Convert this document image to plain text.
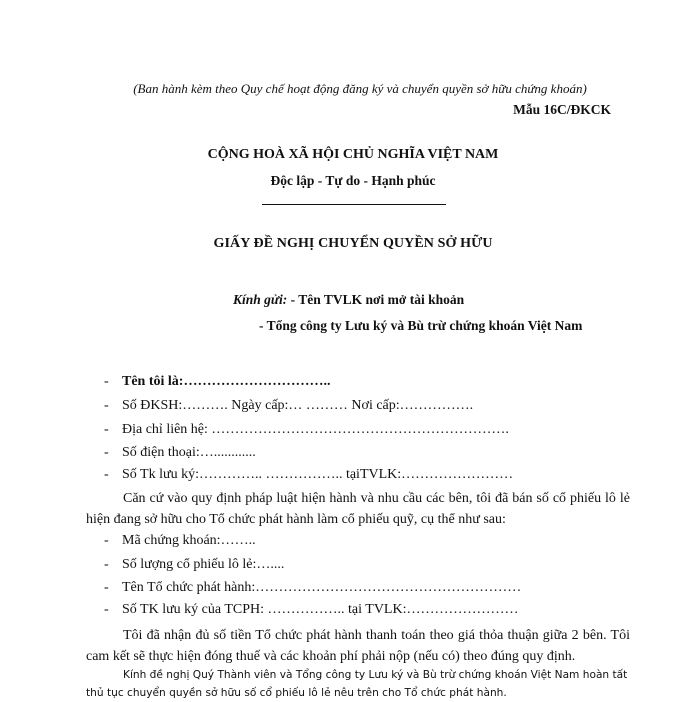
(Ban hành kèm theo Quy chế hoạt động đăng ký và chuyển quyền sở hữu chứng khoán)
Mẫu 16C/ĐKCK
CỘNG HOÀ XÃ HỘI CHỦ NGHĨA VIỆT NAM
Độc lập - Tự do - Hạnh phúc
GIẤY ĐỀ NGHỊ CHUYỂN QUYỀN SỞ HỮU
Kính gửi: - Tên TVLK nơi mở tài khoản
- Tổng công ty Lưu ký và Bù trừ chứng khoán Việt Nam
- Tên tôi là:…………………………..
- Số ĐKSH:………. Ngày cấp:… ……… Nơi cấp:…………….
- Địa chỉ liên hệ: ……………………………………………………….
- Số điện thoại:…............
- Số Tk lưu ký:………….. …………….. tạiTVLK:……………………
Căn cứ vào quy định pháp luật hiện hành và nhu cầu các bên, tôi đã bán số cổ phiếu lô lẻ hiện đang sở hữu cho Tổ chức phát hành làm cổ phiếu quỹ, cụ thể như sau:
- Mã chứng khoán:……..
- Số lượng cổ phiếu lô lẻ:…....
- Tên Tổ chức phát hành:…………………………………………………
- Số TK lưu ký của TCPH: …………….. tại TVLK:……………………
Tôi đã nhận đủ số tiền Tổ chức phát hành thanh toán theo giá thỏa thuận giữa 2 bên. Tôi cam kết sẽ thực hiện đóng thuế và các khoản phí phải nộp (nếu có) theo đúng quy định.
Kính đề nghị Quý Thành viên và Tổng công ty Lưu ký và Bù trừ chứng khoán Việt Nam hoàn tất thủ tục chuyển quyền sở hữu số cổ phiếu lô lẻ nêu trên cho Tổ chức phát hành.
